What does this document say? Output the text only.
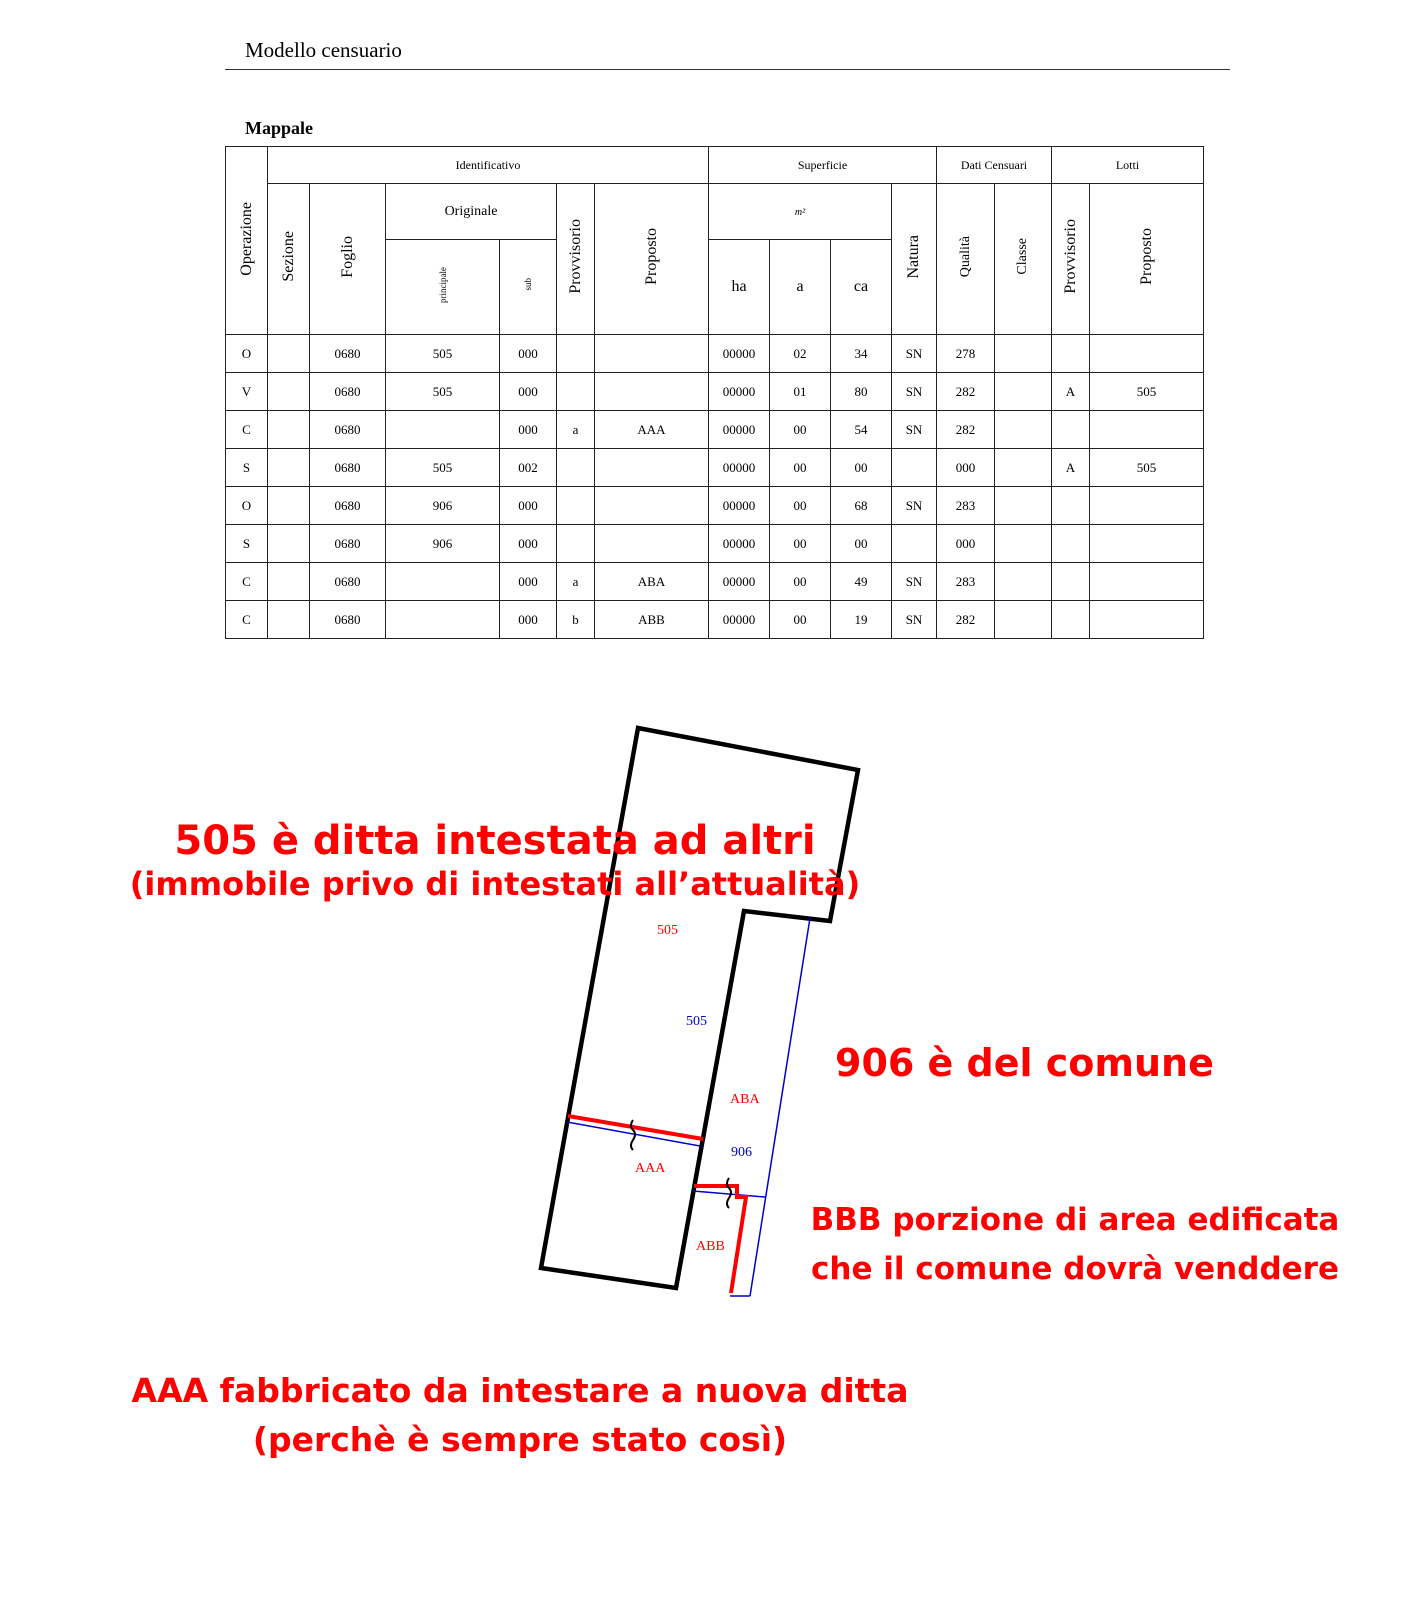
Modello censuario
Mappale
Operazione	Identificativo						Superficie				Dati Censuari		Lotti	
	Sezione	Foglio	Originale		Provvisorio	Proposto	m²			Natura	Qualità	Classe	Provvisorio	Proposto
			principale	sub			ha	a	ca					
O		0680	505	000			00000	02	34	SN	278			
V		0680	505	000			00000	01	80	SN	282		A	505
C		0680		000	a	AAA	00000	00	54	SN	282			
S		0680	505	002			00000	00	00		000		A	505
O		0680	906	000			00000	00	68	SN	283			
S		0680	906	000			00000	00	00		000			
C		0680		000	a	ABA	00000	00	49	SN	283			
C		0680		000	b	ABB	00000	00	19	SN	282			
505
505
ABA
906
AAA
ABB
505 è ditta intestata ad altri
(immobile privo di intestati all’attualità)
906 è del comune
BBB porzione di area edificata
che il comune dovrà venddere
AAA fabbricato da intestare a nuova ditta
(perchè è sempre stato così)
